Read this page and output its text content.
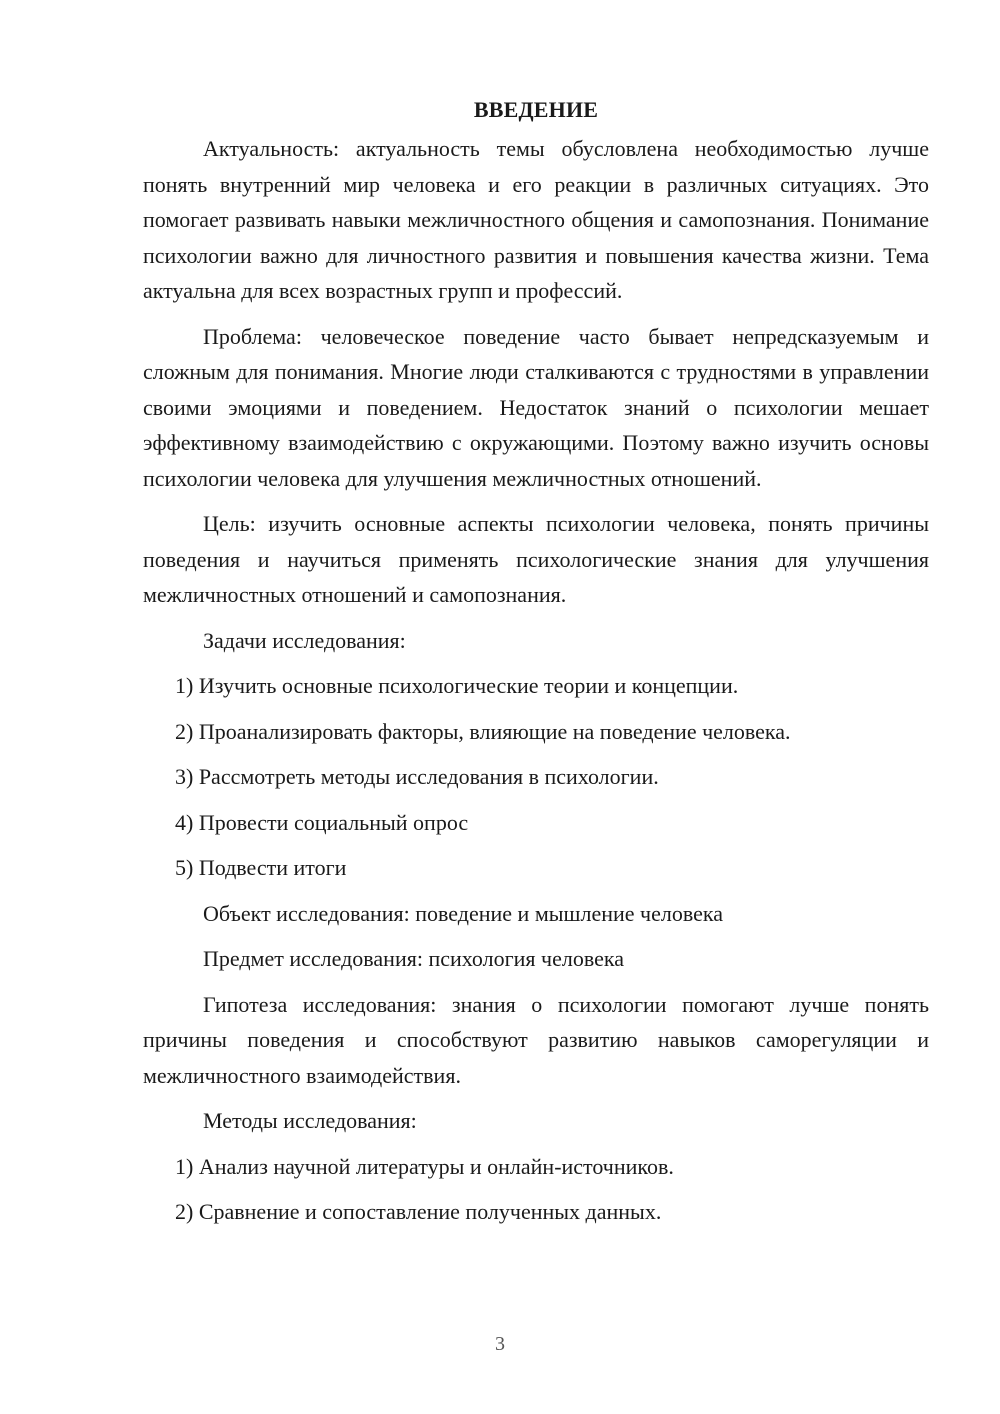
ВВЕДЕНИЕ

Актуальность: актуальность темы обусловлена необходимостью лучше понять внутренний мир человека и его реакции в различных ситуациях. Это помогает развивать навыки межличностного общения и самопознания. Понимание психологии важно для личностного развития и повышения качества жизни. Тема актуальна для всех возрастных групп и профессий.

Проблема: человеческое поведение часто бывает непредсказуемым и сложным для понимания. Многие люди сталкиваются с трудностями в управлении своими эмоциями и поведением. Недостаток знаний о психологии мешает эффективному взаимодействию с окружающими. Поэтому важно изучить основы психологии человека для улучшения межличностных отношений.

Цель: изучить основные аспекты психологии человека, понять причины поведения и научиться применять психологические знания для улучшения межличностных отношений и самопознания.

Задачи исследования:

1) Изучить основные психологические теории и концепции.

2) Проанализировать факторы, влияющие на поведение человека.

3) Рассмотреть методы исследования в психологии.

4) Провести социальный опрос

5) Подвести итоги

Объект исследования: поведение и мышление человека

Предмет исследования: психология человека

Гипотеза исследования: знания о психологии помогают лучше понять причины поведения и способствуют развитию навыков саморегуляции и межличностного взаимодействия.

Методы исследования:

1) Анализ научной литературы и онлайн-источников.

2) Сравнение и сопоставление полученных данных.

3
